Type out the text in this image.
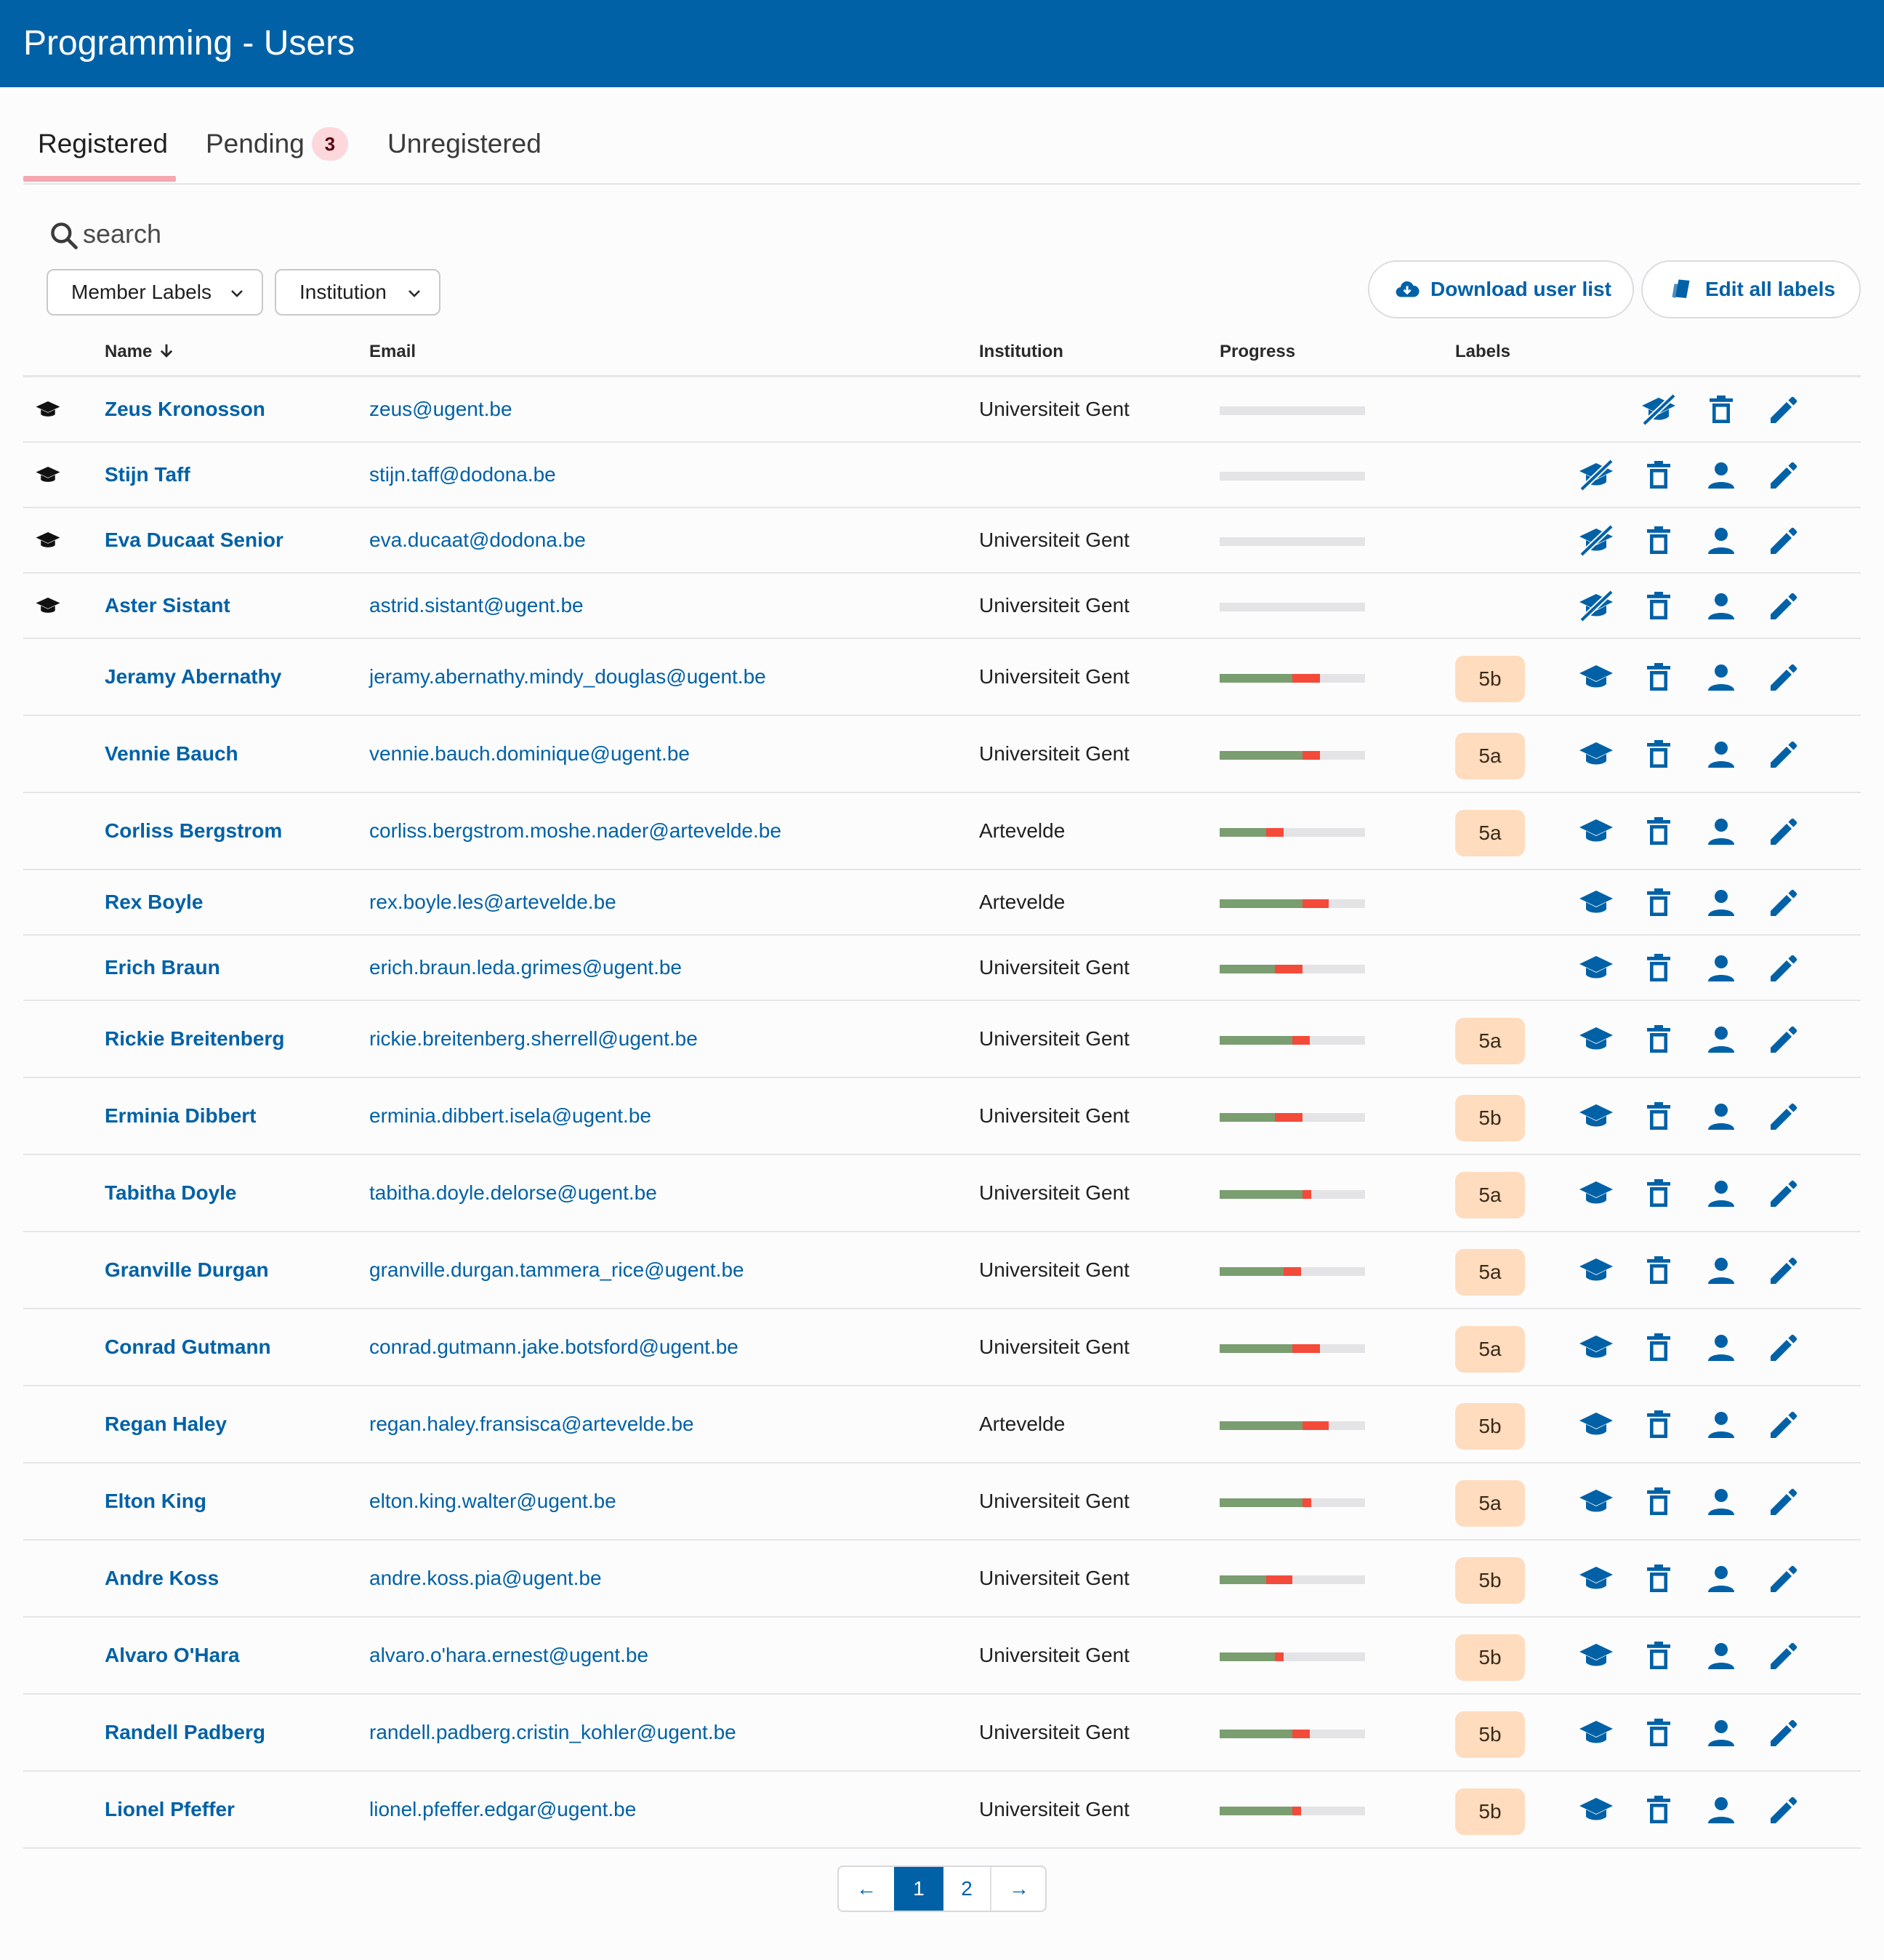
Programming - Users
Registered Pending 3	Unregistered
search
Member Labels	Institution	Download user list	Edit all labels
Name	Email	Institution	Progress	Labels
Zeus Kronosson	zeus@ugent.be	Universiteit Gent
Stijn Taff	stijn.taff@dodona.be
Eva Ducaat Senior	eva.ducaat@dodona.be	Universiteit Gent
Aster Sistant	astrid.sistant@ugent.be	Universiteit Gent
Jeramy Abernathy	jeramy.abernathy.mindy_douglas@ugent.be	Universiteit Gent	5b
Vennie Bauch	vennie.bauch.dominique@ugent.be	Universiteit Gent	5a
Corliss Bergstrom	corliss.bergstrom.moshe.nader@artevelde.be	Artevelde	5a
Rex Boyle	rex.boyle.les@artevelde.be	Artevelde
Erich Braun	erich.braun.leda.grimes@ugent.be	Universiteit Gent
Rickie Breitenberg	rickie.breitenberg.sherrell@ugent.be	Universiteit Gent	5a
Erminia Dibbert	erminia.dibbert.isela@ugent.be	Universiteit Gent	5b
Tabitha Doyle	tabitha.doyle.delorse@ugent.be	Universiteit Gent	5a
Granville Durgan	granville.durgan.tammera_rice@ugent.be	Universiteit Gent	5a
Conrad Gutmann	conrad.gutmann.jake.botsford@ugent.be	Universiteit Gent	5a
Regan Haley	regan.haley.fransisca@artevelde.be	Artevelde	5b
Elton King	elton.king.walter@ugent.be	Universiteit Gent	5a
Andre Koss	andre.koss.pia@ugent.be	Universiteit Gent	5b
Alvaro O'Hara	alvaro.o'hara.ernest@ugent.be	Universiteit Gent	5b
Randell Padberg	randell.padberg.cristin_kohler@ugent.be	Universiteit Gent	5b
Lionel Pfeffer	lionel.pfeffer.edgar@ugent.be	Universiteit Gent	5b
←	1	2	→
